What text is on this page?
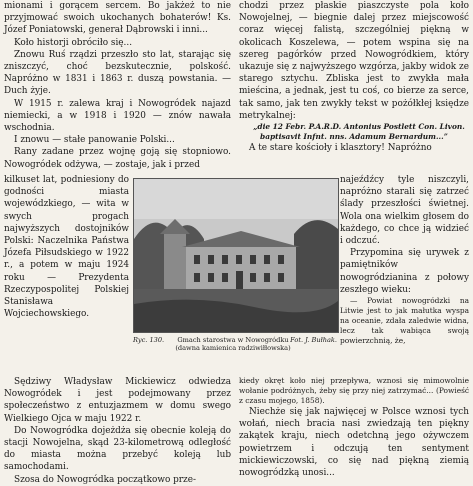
mionami i gorącem sercem. Bo jakżeż to nie przyjmować swoich ukochanych bohaterów! Ks. Józef Poniatowski, generał Dąbrowski i inni...

Koło historji obróciło się...

Znowu Ruś rządzi przeszło sto lat, starając się zniszczyć, choć bezskutecznie, polskość. Napróżno w 1831 i 1863 r. duszą powstania. — Duch żyje.

W 1915 r. zalewa kraj i Nowogródek najazd niemiecki, a w 1918 i 1920 — znów nawała wschodnia.

I znowu — stałe panowanie Polski...

Rany zadane przez wojnę goją się stopniowo. Nowogródek odżywa, — zostaje, jak i przed

chodzi przez płaskie piaszczyste pola koło Nowojelnej, — biegnie dalej przez miejscowość coraz więcej falistą, szczególniej piękną w okolicach Koszelewa, — potem wspina się na szereg pagórków przed Nowogródkiem, który ukazuje się z najwyższego wzgórza, jakby widok ze starego sztychu. Zbliska jest to zwykła mała mieścina, a jednak, jest tu coś, co bierze za serce, tak samo, jak ten zwykły tekst w pożółkłej księdze metrykalnej:

„die 12 Febr. P.A.R.D. Antonius Postlett Con. Livon. baptisavit Infnt. nns. Adamum Bernardum...”

A te stare kościoły i klasztory! Napróżno

kilkuset lat, podniesiony do godności miasta wojewódzkiego, — wita w swych progach najwyższych dostojników Polski: Naczelnika Państwa Józefa Piłsudskiego w 1922 r., a potem w maju 1924 roku — Prezydenta Rzeczypospolitej Polskiej Stanisława Wojciechowskiego.

Ryc. 130.	Gmach starostwa w Nowogródku (dawna kamienica radziwiłłowska)
Fot. J. Bułhak.

najeźdźcy tyle niszczyli, napróżno starali się zatrzeć ślady przeszłości świetnej. Wola ona wielkim głosem do każdego, co chce ją widzieć i odczuć.

Przypomina się urywek z pamiętników nowogródzianina z połowy zeszłego wieku:

— Powiat nowogródzki na Litwie jest to jak małutka wyspa na oceanie, zdała zaledwie widna, lecz tak wabiąca swoją powierzchnią, że,

Sędziwy Władysław Mickiewicz odwiedza Nowogródek i jest podejmowany przez społeczeństwo z entuzjazmem w domu swego Wielkiego Ojca w maju 1922 r.

Do Nowogródka dojeżdża się obecnie koleją do stacji Nowojelna, skąd 23-kilometrową odległość do miasta można przebyć koleją lub samochodami.

Szosa do Nowogródka początkowo prze-

kiedy okręt koło niej przepływa, wznosi się mimowolnie wołanie podróżnych, żeby się przy niej zatrzymać... (Powieść z czasu mojego, 1858).

Niechże się jak najwięcej w Polsce wznosi tych wołań, niech bracia nasi zwiedzają ten piękny zakątek kraju, niech odetchną jego ożywczem powietrzem i odczują ten sentyment mickiewiczowski, co się nad piękną ziemią nowogródzką unosi...
